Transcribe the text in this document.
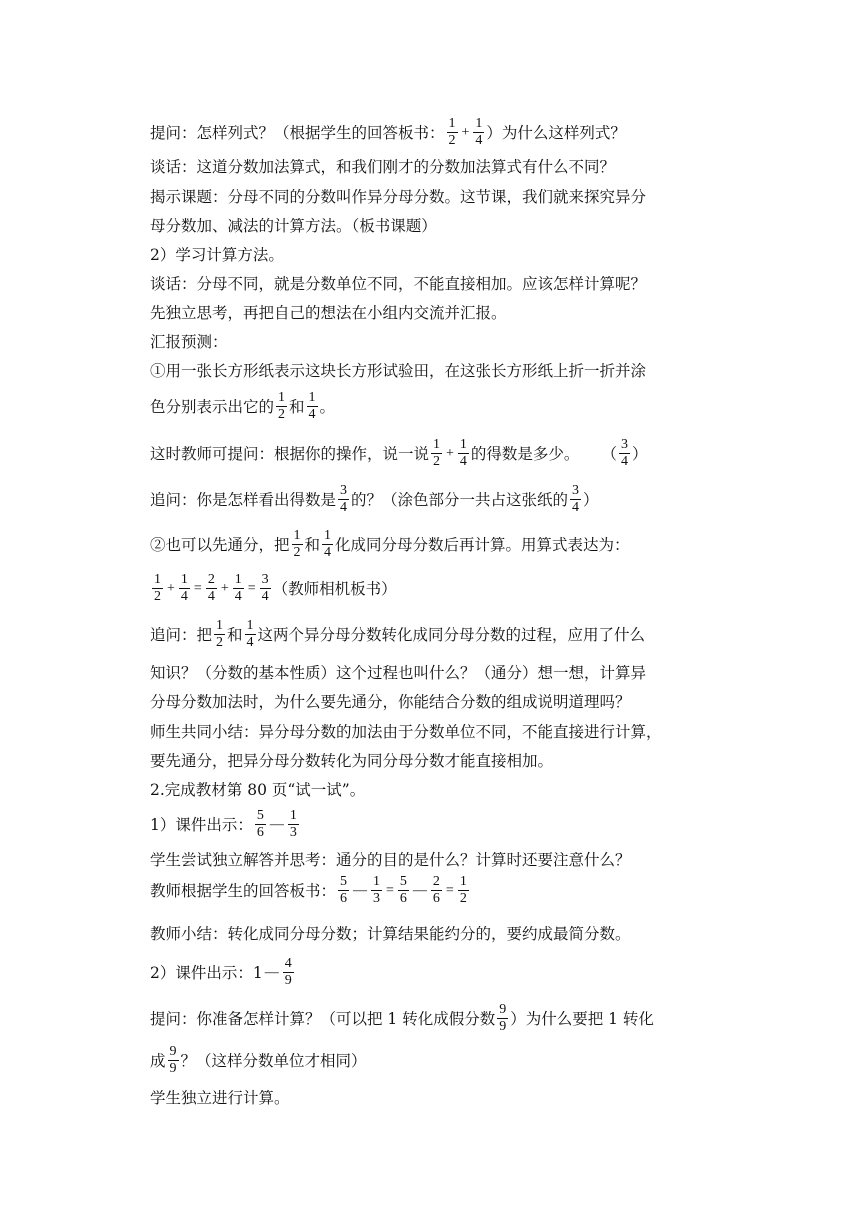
提问：怎样列式？（根据学生的回答板书： $\frac{1}{2} + \frac{1}{4}$ ）为什么这样列式？
谈话：这道分数加法算式，和我们刚才的分数加法算式有什么不同？
揭示课题：分母不同的分数叫作异分母分数。这节课，我们就来探究异分
母分数加、减法的计算方法。（板书课题）
2）学习计算方法。
谈话：分母不同，就是分数单位不同，不能直接相加。应该怎样计算呢？
先独立思考，再把自己的想法在小组内交流并汇报。
汇报预测：
①用一张长方形纸表示这块长方形试验田，在这张长方形纸上折一折并涂
色分别表示出它的 $\frac{1}{2}$ 和 $\frac{1}{4}$ 。
这时教师可提问：根据你的操作，说一说 $\frac{1}{2} + \frac{1}{4}$ 的得数是多少。 （ $\frac{3}{4}$ ）
追问：你是怎样看出得数是 $\frac{3}{4}$ 的？（涂色部分一共占这张纸的 $\frac{3}{4}$ ）
②也可以先通分，把 $\frac{1}{2}$ 和 $\frac{1}{4}$ 化成同分母分数后再计算。用算式表达为：
$\frac{1}{2} + \frac{1}{4} = \frac{2}{4} + \frac{1}{4} = \frac{3}{4}$ （教师相机板书）
追问：把 $\frac{1}{2}$ 和 $\frac{1}{4}$ 这两个异分母分数转化成同分母分数的过程，应用了什么
知识？（分数的基本性质）这个过程也叫什么？（通分）想一想，计算异
分母分数加法时，为什么要先通分，你能结合分数的组成说明道理吗？
师生共同小结：异分母分数的加法由于分数单位不同，不能直接进行计算，
要先通分，把异分母分数转化为同分母分数才能直接相加。
2.完成教材第 80 页“试一试”。
1）课件出示： $\frac{5}{6}$ — $\frac{1}{3}$
学生尝试独立解答并思考：通分的目的是什么？计算时还要注意什么？
教师根据学生的回答板书： $\frac{5}{6}$ — $\frac{1}{3} = \frac{5}{6}$ — $\frac{2}{6} = \frac{1}{2}$
教师小结：转化成同分母分数；计算结果能约分的，要约成最简分数。
2）课件出示：1 — $\frac{4}{9}$
提问：你准备怎样计算？（可以把 1 转化成假分数 $\frac{9}{9}$ ）为什么要把 1 转化
成 $\frac{9}{9}$ ？（这样分数单位才相同）
学生独立进行计算。
